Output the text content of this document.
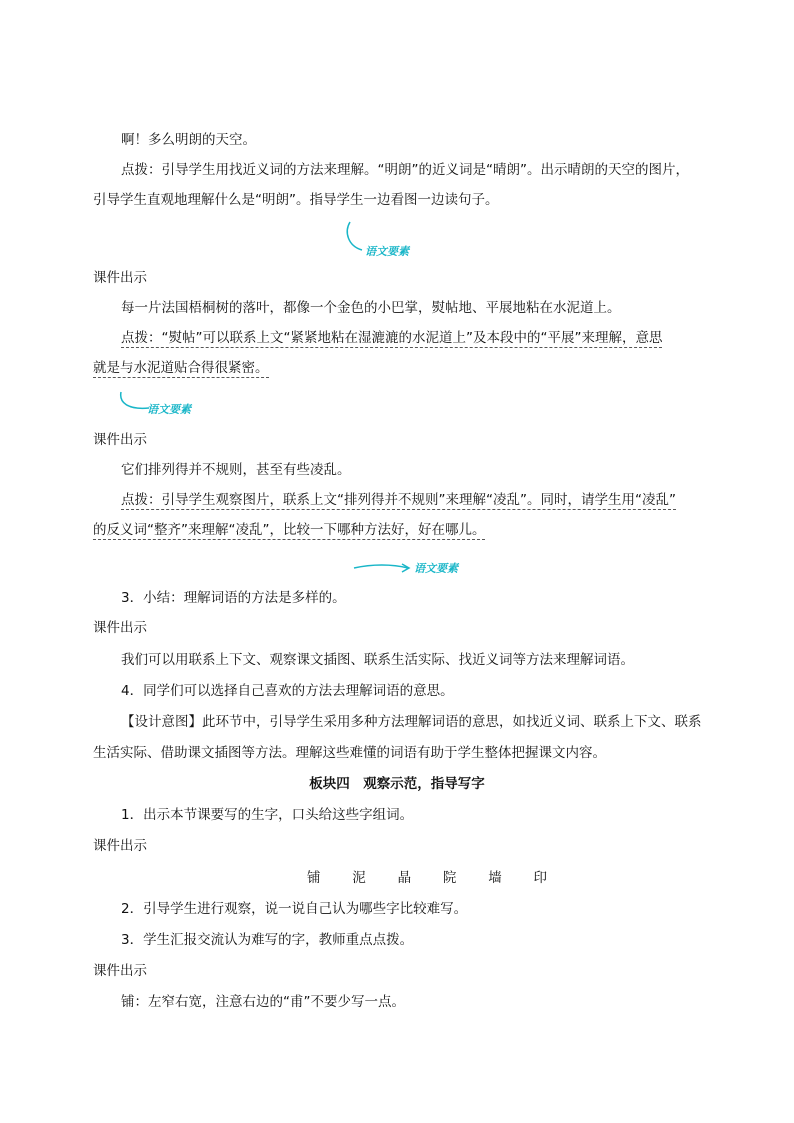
啊！多么明朗的天空。
点拨：引导学生用找近义词的方法来理解。“明朗”的近义词是“晴朗”。出示晴朗的天空的图片，
引导学生直观地理解什么是“明朗”。指导学生一边看图一边读句子。
语文要素
课件出示
每一片法国梧桐树的落叶，都像一个金色的小巴掌，熨帖地、平展地粘在水泥道上。
点拨：“熨帖”可以联系上文“紧紧地粘在湿漉漉的水泥道上”及本段中的“平展”来理解，意思
就是与水泥道贴合得很紧密。
语文要素
课件出示
它们排列得并不规则，甚至有些凌乱。
点拨：引导学生观察图片，联系上文“排列得并不规则”来理解“凌乱”。同时，请学生用“凌乱”
的反义词“整齐”来理解“凌乱”，比较一下哪种方法好，好在哪儿。
语文要素
3．小结：理解词语的方法是多样的。
课件出示
我们可以用联系上下文、观察课文插图、联系生活实际、找近义词等方法来理解词语。
4．同学们可以选择自己喜欢的方法去理解词语的意思。
【设计意图】此环节中，引导学生采用多种方法理解词语的意思，如找近义词、联系上下文、联系
生活实际、借助课文插图等方法。理解这些难懂的词语有助于学生整体把握课文内容。
板块四　观察示范，指导写字
1．出示本节课要写的生字，口头给这些字组词。
课件出示
铺 泥 晶 院 墙 印
2．引导学生进行观察，说一说自己认为哪些字比较难写。
3．学生汇报交流认为难写的字，教师重点点拨。
课件出示
铺：左窄右宽，注意右边的“甫”不要少写一点。
